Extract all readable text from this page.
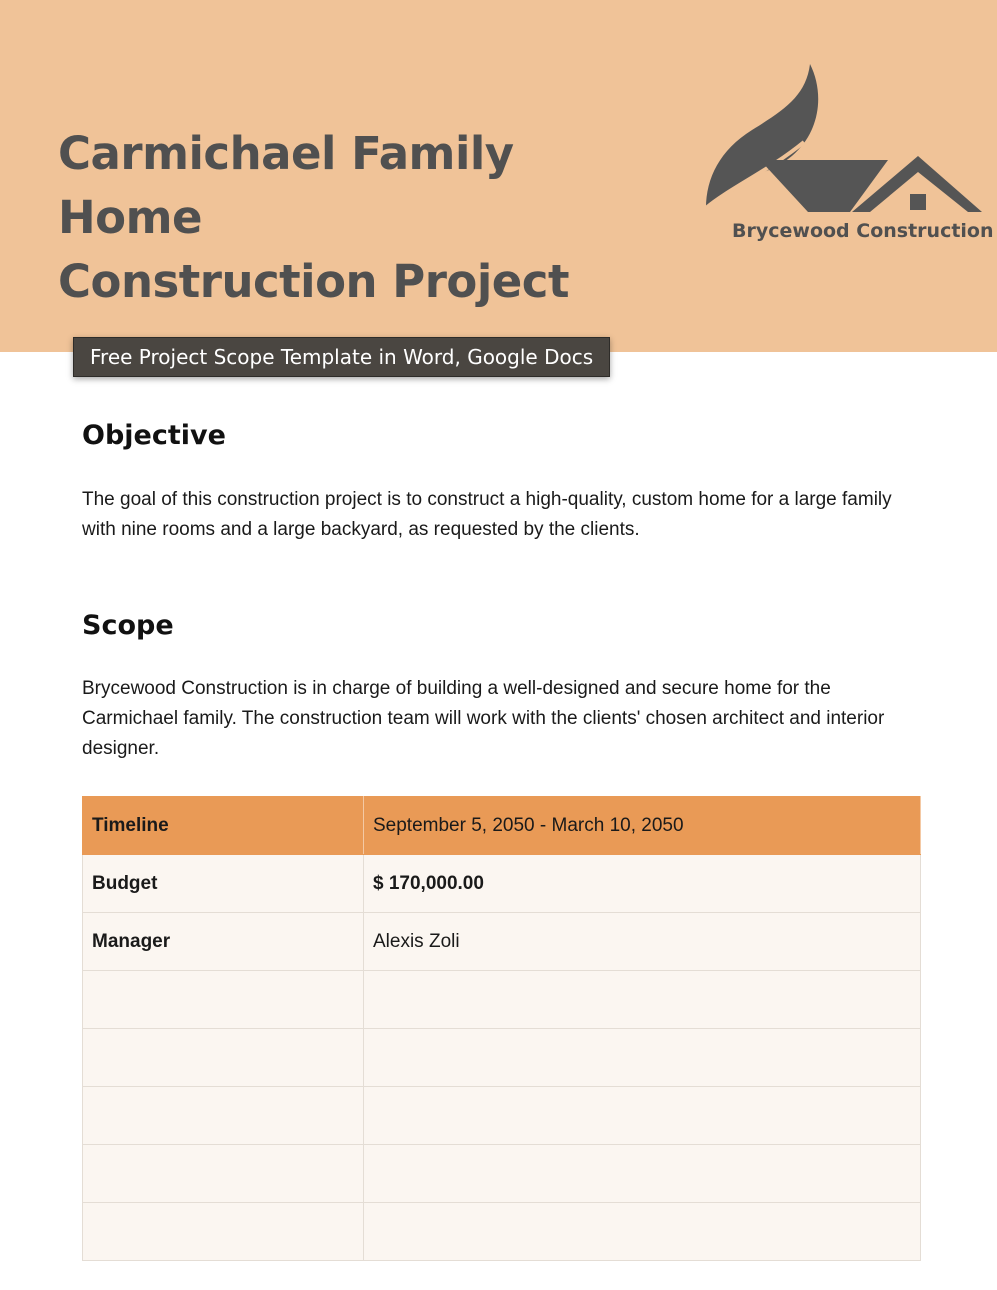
Carmichael Family Home
Construction Project
Brycewood Construction
Free Project Scope Template in Word, Google Docs
Objective
The goal of this construction project is to construct a high-quality, custom home for a large family with nine rooms and a large backyard, as requested by the clients.
Scope
Brycewood Construction is in charge of building a well-designed and secure home for the Carmichael family. The construction team will work with the clients' chosen architect and interior designer.
Timeline	September 5, 2050 - March 10, 2050
Budget	$ 170,000.00
Manager	Alexis Zoli
